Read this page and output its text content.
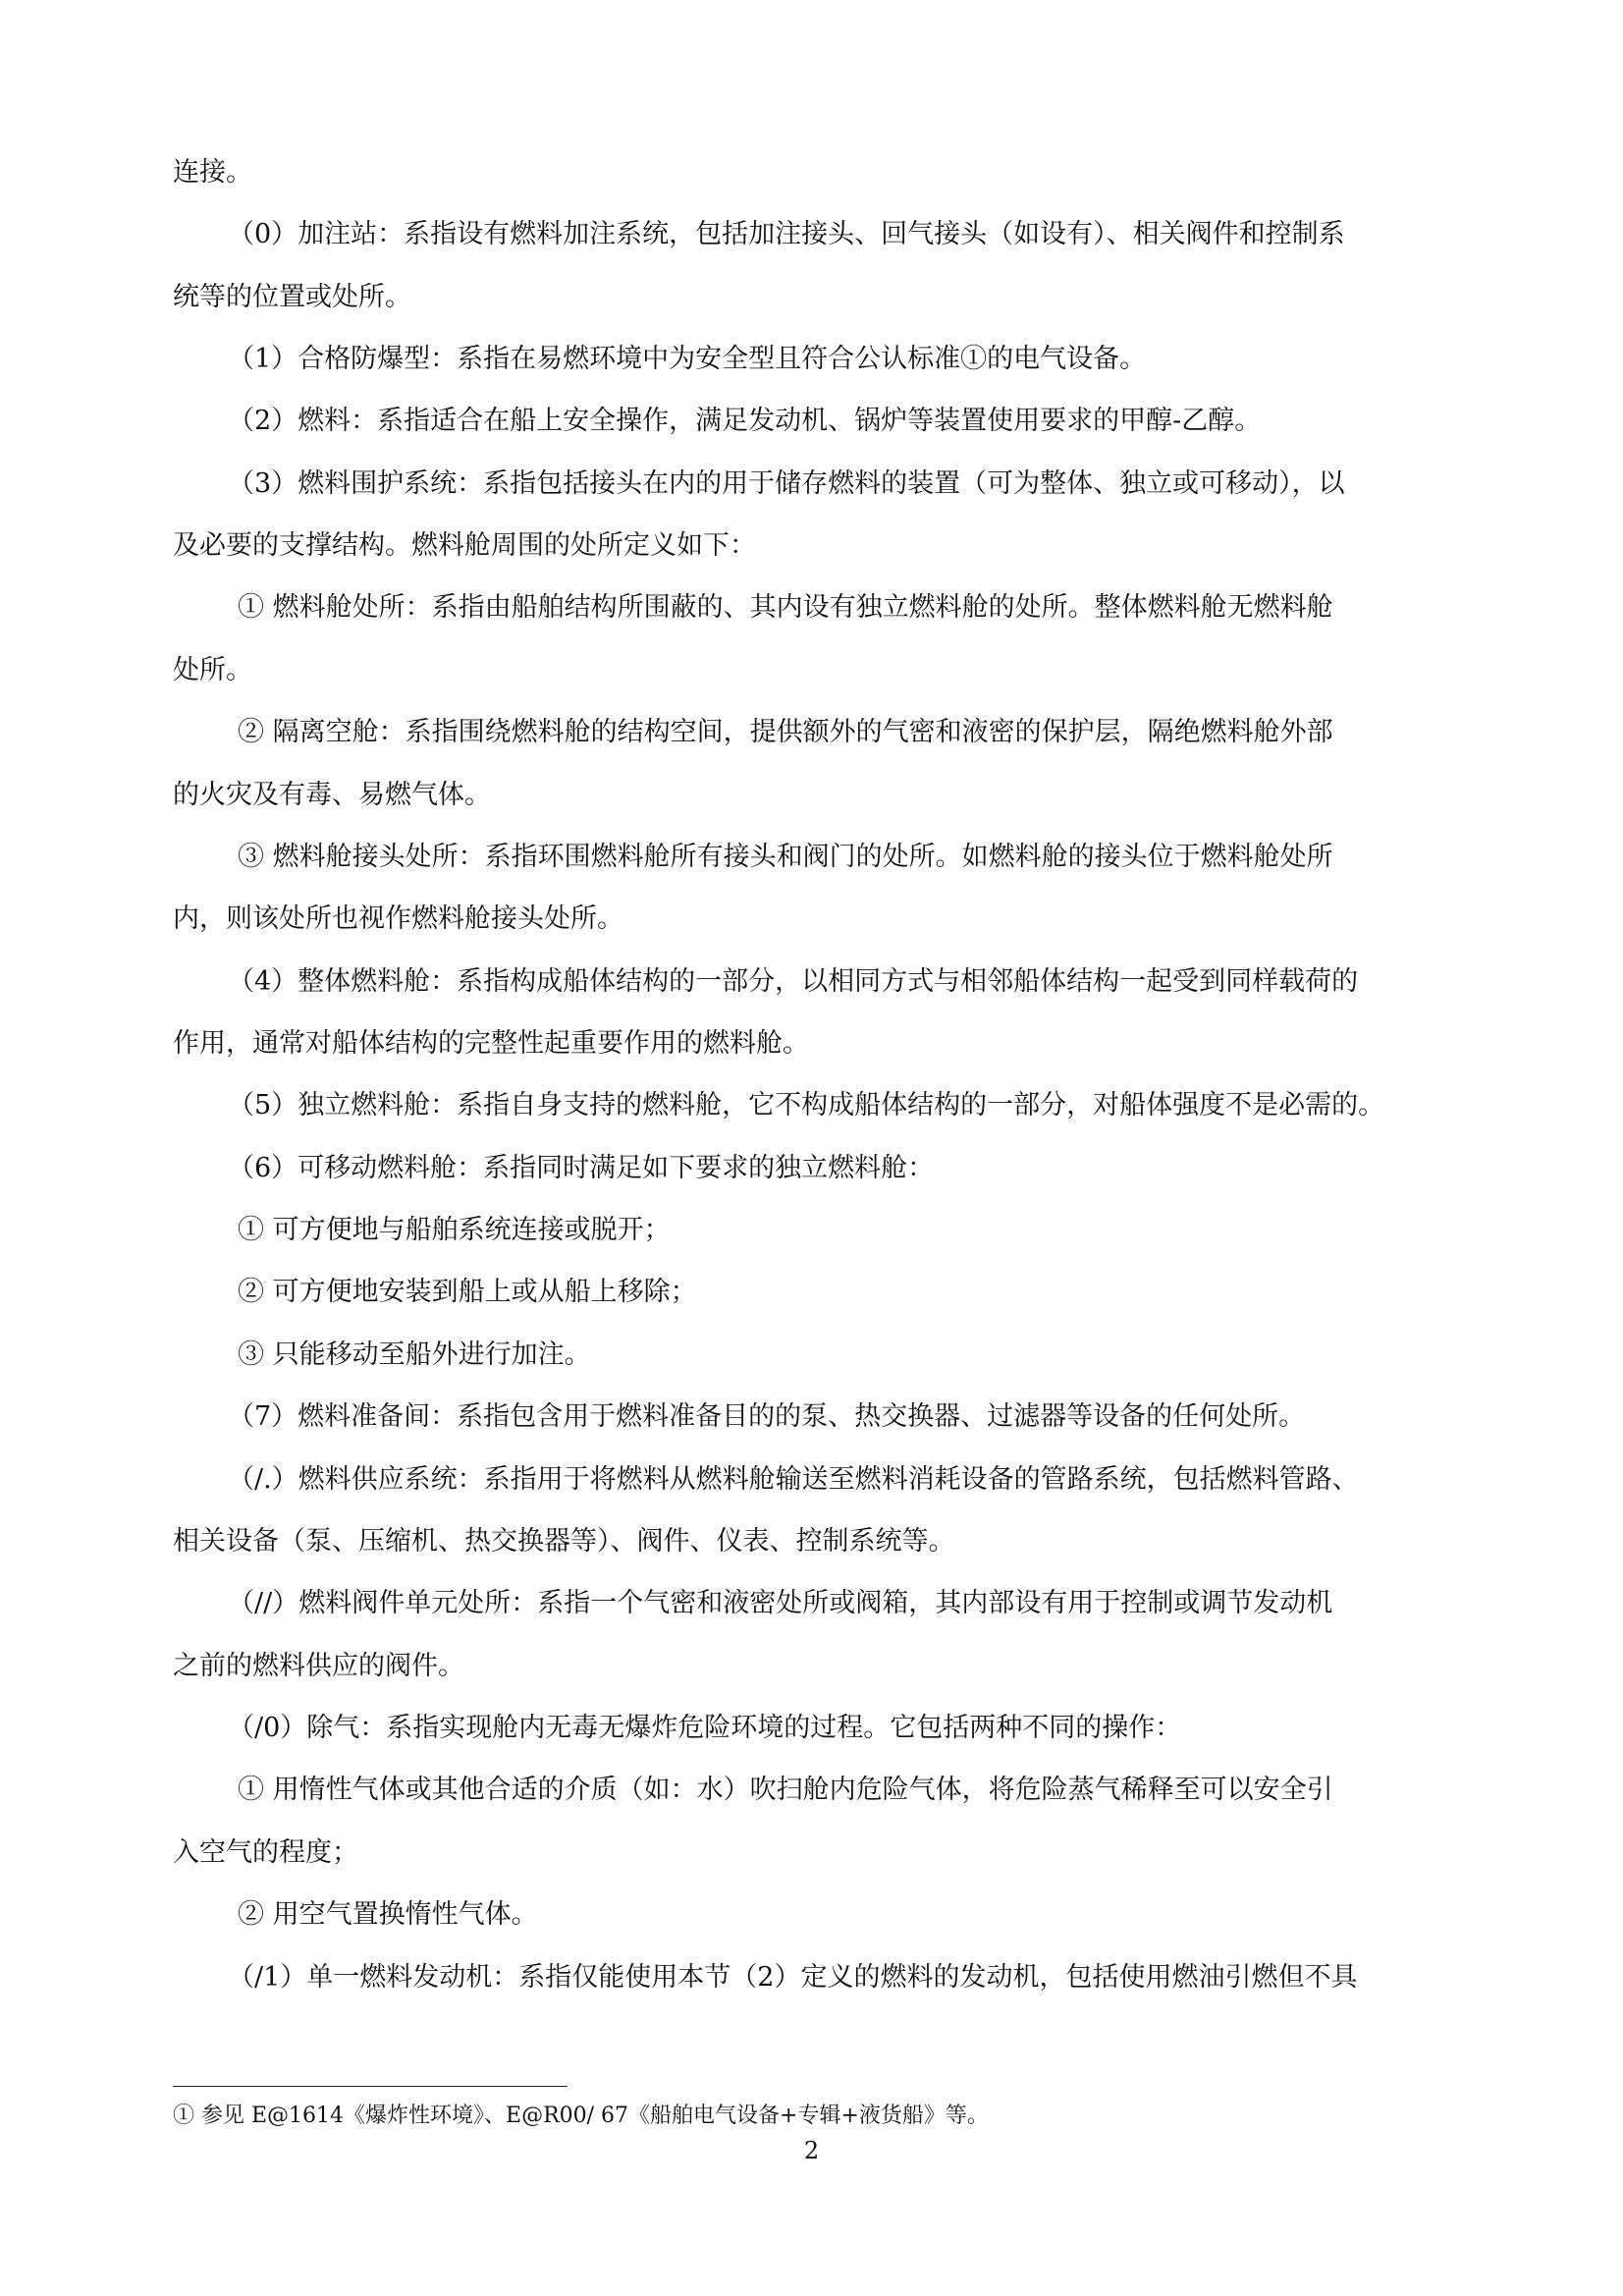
连接。
（0）加注站：系指设有燃料加注系统，包括加注接头、回气接头（如设有）、相关阀件和控制系
统等的位置或处所。
（1）合格防爆型：系指在易燃环境中为安全型且符合公认标准①的电气设备。
（2）燃料：系指适合在船上安全操作，满足发动机、锅炉等装置使用要求的甲醇-乙醇。
（3）燃料围护系统：系指包括接头在内的用于储存燃料的装置（可为整体、独立或可移动），以
及必要的支撑结构。燃料舱周围的处所定义如下：
① 燃料舱处所：系指由船舶结构所围蔽的、其内设有独立燃料舱的处所。整体燃料舱无燃料舱
处所。
② 隔离空舱：系指围绕燃料舱的结构空间，提供额外的气密和液密的保护层，隔绝燃料舱外部
的火灾及有毒、易燃气体。
③ 燃料舱接头处所：系指环围燃料舱所有接头和阀门的处所。如燃料舱的接头位于燃料舱处所
内，则该处所也视作燃料舱接头处所。
（4）整体燃料舱：系指构成船体结构的一部分，以相同方式与相邻船体结构一起受到同样载荷的
作用，通常对船体结构的完整性起重要作用的燃料舱。
（5）独立燃料舱：系指自身支持的燃料舱，它不构成船体结构的一部分，对船体强度不是必需的。
（6）可移动燃料舱：系指同时满足如下要求的独立燃料舱：
① 可方便地与船舶系统连接或脱开；
② 可方便地安装到船上或从船上移除；
③ 只能移动至船外进行加注。
（7）燃料准备间：系指包含用于燃料准备目的的泵、热交换器、过滤器等设备的任何处所。
（/.）燃料供应系统：系指用于将燃料从燃料舱输送至燃料消耗设备的管路系统，包括燃料管路、
相关设备（泵、压缩机、热交换器等）、阀件、仪表、控制系统等。
（//）燃料阀件单元处所：系指一个气密和液密处所或阀箱，其内部设有用于控制或调节发动机
之前的燃料供应的阀件。
（/0）除气：系指实现舱内无毒无爆炸危险环境的过程。它包括两种不同的操作：
① 用惰性气体或其他合适的介质（如：水）吹扫舱内危险气体，将危险蒸气稀释至可以安全引
入空气的程度；
② 用空气置换惰性气体。
（/1）单一燃料发动机：系指仅能使用本节（2）定义的燃料的发动机，包括使用燃油引燃但不具
① 参见 E@1614《爆炸性环境》、E@R00/ 67《船舶电气设备+专辑+液货船》等。
2
